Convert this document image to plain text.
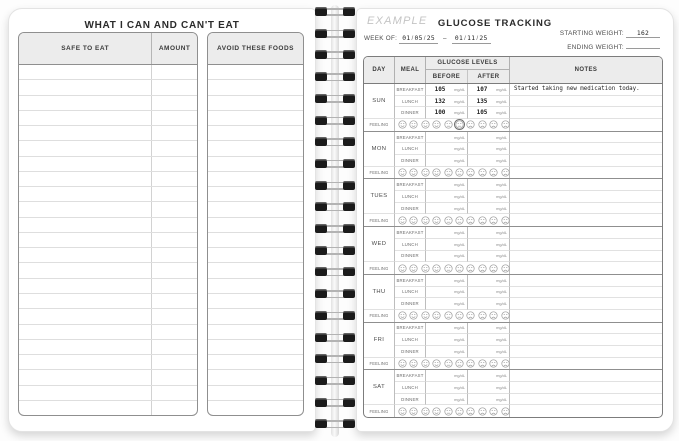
WHAT I CAN AND CAN'T EAT
SAFE TO EAT	AMOUNT	AVOID THESE FOODS
EXAMPLE	GLUCOSE TRACKING
STARTING WEIGHT: 162
ENDING WEIGHT:
WEEK OF: 01/05/25 – 01/11/25
DAY	MEAL
GLUCOSE LEVELS
BEFORE	AFTER
NOTES
SUN
BREAKFAST	105	mg/dL	107	mg/dL	Started taking new medication today.
LUNCH	132	mg/dL	135	mg/dL
DINNER	100	mg/dL	105	mg/dL
FEELING
MON
BREAKFAST	mg/dL	mg/dL
LUNCH	mg/dL	mg/dL
DINNER	mg/dL	mg/dL
FEELING
TUES
BREAKFAST	mg/dL	mg/dL
LUNCH	mg/dL	mg/dL
DINNER	mg/dL	mg/dL
FEELING
WED
BREAKFAST	mg/dL	mg/dL
LUNCH	mg/dL	mg/dL
DINNER	mg/dL	mg/dL
FEELING
THU
BREAKFAST	mg/dL	mg/dL
LUNCH	mg/dL	mg/dL
DINNER	mg/dL	mg/dL
FEELING
FRI
BREAKFAST	mg/dL	mg/dL
LUNCH	mg/dL	mg/dL
DINNER	mg/dL	mg/dL
FEELING
SAT
BREAKFAST	mg/dL	mg/dL
LUNCH	mg/dL	mg/dL
DINNER	mg/dL	mg/dL
FEELING
